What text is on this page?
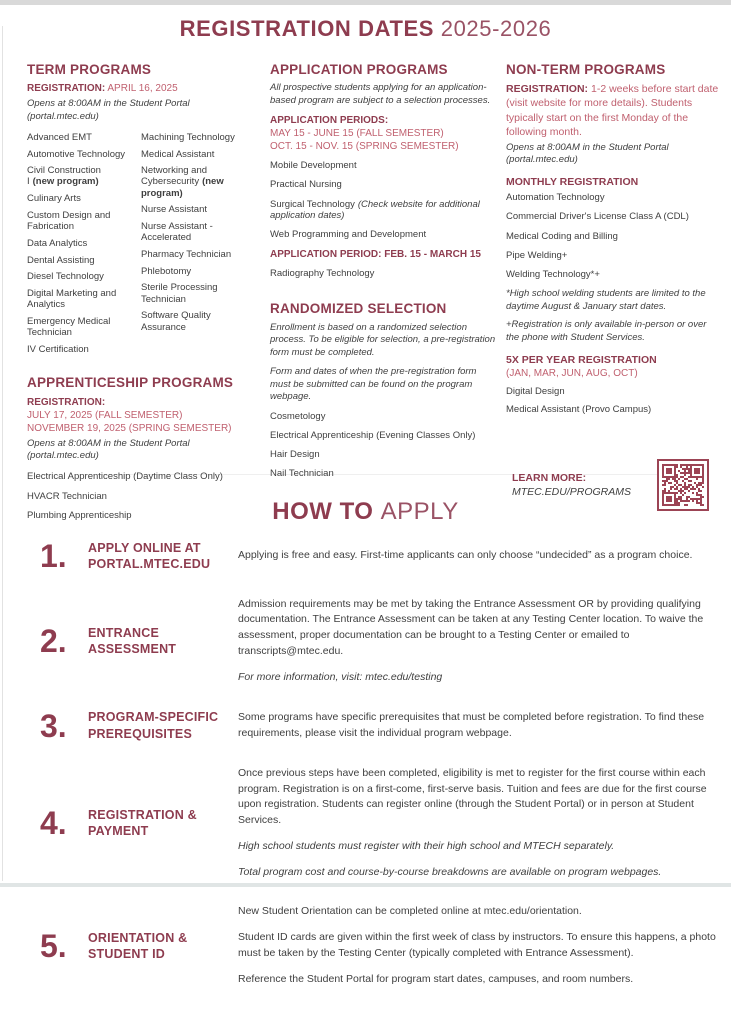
REGISTRATION DATES 2025-2026
TERM PROGRAMS

REGISTRATION: APRIL 16, 2025

Opens at 8:00AM in the Student Portal (portal.mtec.edu)

Advanced EMT

Automotive Technology

Civil Construction I (new program)

Culinary Arts

Custom Design and Fabrication

Data Analytics

Dental Assisting

Diesel Technology

Digital Marketing and Analytics

Emergency Medical Technician

IV Certification

Machining Technology

Medical Assistant

Networking and Cybersecurity (new program)

Nurse Assistant

Nurse Assistant - Accelerated

Pharmacy Technician

Phlebotomy

Sterile Processing Technician

Software Quality Assurance

APPRENTICESHIP PROGRAMS

REGISTRATION:

JULY 17, 2025 (FALL SEMESTER)
NOVEMBER 19, 2025 (SPRING SEMESTER)

Opens at 8:00AM in the Student Portal (portal.mtec.edu)

Electrical Apprenticeship (Daytime Class Only)

HVACR Technician

Plumbing Apprenticeship

APPLICATION PROGRAMS

All prospective students applying for an application-based program are subject to a selection processes.

APPLICATION PERIODS:

MAY 15 - JUNE 15 (FALL SEMESTER)
OCT. 15 - NOV. 15 (SPRING SEMESTER)

Mobile Development

Practical Nursing

Surgical Technology (Check website for additional application dates)

Web Programming and Development

APPLICATION PERIOD: FEB. 15 - MARCH 15

Radiography Technology

RANDOMIZED SELECTION

Enrollment is based on a randomized selection process. To be eligible for selection, a pre-registration form must be completed.

Form and dates of when the pre-registration form must be submitted can be found on the program webpage.

Cosmetology

Electrical Apprenticeship (Evening Classes Only)

Hair Design

Nail Technician

NON-TERM PROGRAMS

REGISTRATION: 1-2 weeks before start date (visit website for more details). Students typically start on the first Monday of the following month.

Opens at 8:00AM in the Student Portal (portal.mtec.edu)

MONTHLY REGISTRATION

Automation Technology

Commercial Driver's License Class A (CDL)

Medical Coding and Billing

Pipe Welding+

Welding Technology*+

*High school welding students are limited to the daytime August & January start dates.

+Registration is only available in-person or over the phone with Student Services.

5X PER YEAR REGISTRATION

(JAN, MAR, JUN, AUG, OCT)

Digital Design

Medical Assistant (Provo Campus)

LEARN MORE:

MTEC.EDU/PROGRAMS

HOW TO APPLY
1.	APPLY ONLINE AT PORTAL.MTEC.EDU

Applying is free and easy. First-time applicants can only choose “undecided” as a program choice.

2.	ENTRANCE ASSESSMENT

Admission requirements may be met by taking the Entrance Assessment OR by providing qualifying documentation. The Entrance Assessment can be taken at any Testing Center location. To waive the assessment, proper documentation can be brought to a Testing Center or emailed to transcripts@mtec.edu.

For more information, visit: mtec.edu/testing

3.	PROGRAM-SPECIFIC PREREQUISITES

Some programs have specific prerequisites that must be completed before registration. To find these requirements, please visit the individual program webpage.

4.	REGISTRATION & PAYMENT

Once previous steps have been completed, eligibility is met to register for the first course within each program. Registration is on a first-come, first-serve basis. Tuition and fees are due for the first course upon registration. Students can register online (through the Student Portal) or in person at Student Services.

High school students must register with their high school and MTECH separately.

Total program cost and course-by-course breakdowns are available on program webpages.

5.	ORIENTATION & STUDENT ID

New Student Orientation can be completed online at mtec.edu/orientation.

Student ID cards are given within the first week of class by instructors. To ensure this happens, a photo must be taken by the Testing Center (typically completed with Entrance Assessment).

Reference the Student Portal for program start dates, campuses, and room numbers.
